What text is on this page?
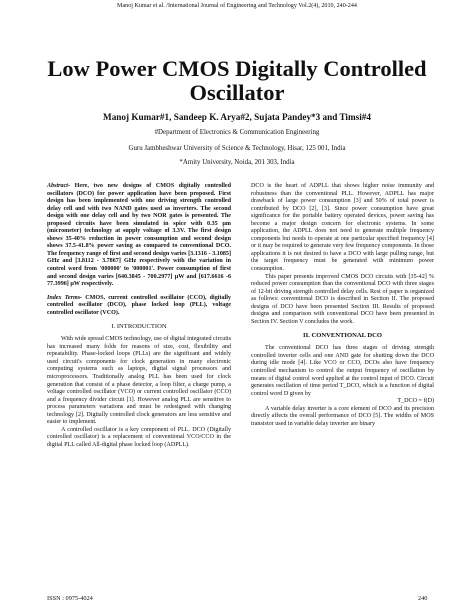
Manoj Kumar et al. /International Journal of Engineering and Technology Vol.2(4), 2010, 240-244
Low Power CMOS Digitally Controlled
Oscillator
Manoj Kumar#1, Sandeep K. Arya#2, Sujata Pandey*3 and Timsi#4
#Department of Electronics & Communication Engineering
Guru Jambheshwar University of Science & Technology, Hisar, 125 001, India
*Amity University, Noida, 201 303, India

Abstract- Here, two new designs of CMOS digitally controlled oscillators (DCO) for power application have been proposed. First design has been implemented with one driving strength controlled delay cell and with two NAND gates used as inverters. The second design with one delay cell and by two NOR gates is presented. The proposed circuits have been simulated in spice with 0.35 µm (micrometer) technology at supply voltage of 3.3V. The first design shows 35-40% reduction in power consumption and second design shows 37.5-41.8% power saving as compared to conventional DCO. The frequency range of first and second design varies [3.1316 - 3.1085] GHz and [3.8112 - 3.7867] GHz respectively with the variation in control word from '000000' to '000001'. Power consumption of first and second design varies [640.3845 - 700.2977] µW and [617.6616 -6 77.3996] µW respectively.

Index Terms- CMOS, current controlled oscillator (CCO), digitally controlled oscillator (DCO), phase locked loop (PLL), voltage controlled oscillator (VCO).

I. INTRODUCTION

With wide spread CMOS technology, use of digital integrated circuits has increased many folds for reasons of size, cost, flexibility and repeatability. Phase-locked loops (PLLs) are the significant and widely used circuit's components for clock generation in many electronic computing systems such as laptops, digital signal processors and microprocessors. Traditionally analog PLL has been used for clock generation that consist of a phase detector, a loop filter, a charge pump, a voltage controlled oscillator (VCO) or current controlled oscillator (CCO) and a frequency divider circuit [1]. However analog PLL are sensitive to process parameters variations and must be redesigned with changing technology [2]. Digitally controlled clock generators are less sensitive and easier to implement.

A controlled oscillator is a key component of PLL. DCO (Digitally controlled oscillator) is a replacement of conventional VCO/CCO in the digital PLL called All-digital phase locked loop (ADPLL).

DCO is the heart of ADPLL that shows higher noise immunity and robustness than the conventional PLL. However, ADPLL has major drawback of large power consumption [3] and 50% of total power is contributed by DCO [2], [3]. Since power consumption have great significance for the portable battery operated devices, power saving has become a major design concern for electronic systems. In some application, the ADPLL does not need to generate multiple frequency components but needs to operate at one particular specified frequency [4] or it may be required to generate very few frequency components. In those applications it is not desired to have a DCO with large pulling range, but the target frequency must be generated with minimum power consumption.

This paper presents improved CMOS DCO circuits with [35-42] % reduced power consumption than the conventional DCO with three stages of 12-bit driving strength controlled delay cells. Rest of paper is organized as follows: conventional DCO is described in Section II. The proposed designs of DCO have been presented Section III. Results of proposed designs and comparison with conventional DCO have been presented in Section IV. Section V concludes the work.

II. CONVENTIONAL DCO

The conventional DCO has three stages of driving strength controlled inverter cells and one AND gate for shutting down the DCO during idle mode [4]. Like VCO or CCO, DCOs also have frequency controlled mechanism to control the output frequency of oscillation by means of digital control word applied at the control input of DCO. Circuit generates oscillation of time period T_DCO, which is a function of digital control word D given by

T_DCO = f(D)

A variable delay inverter is a core element of DCO and its precision directly affects the overall performance of DCO [5]. The widths of MOS transistor used in variable delay inverter are binary

ISSN : 0975-4024	240
